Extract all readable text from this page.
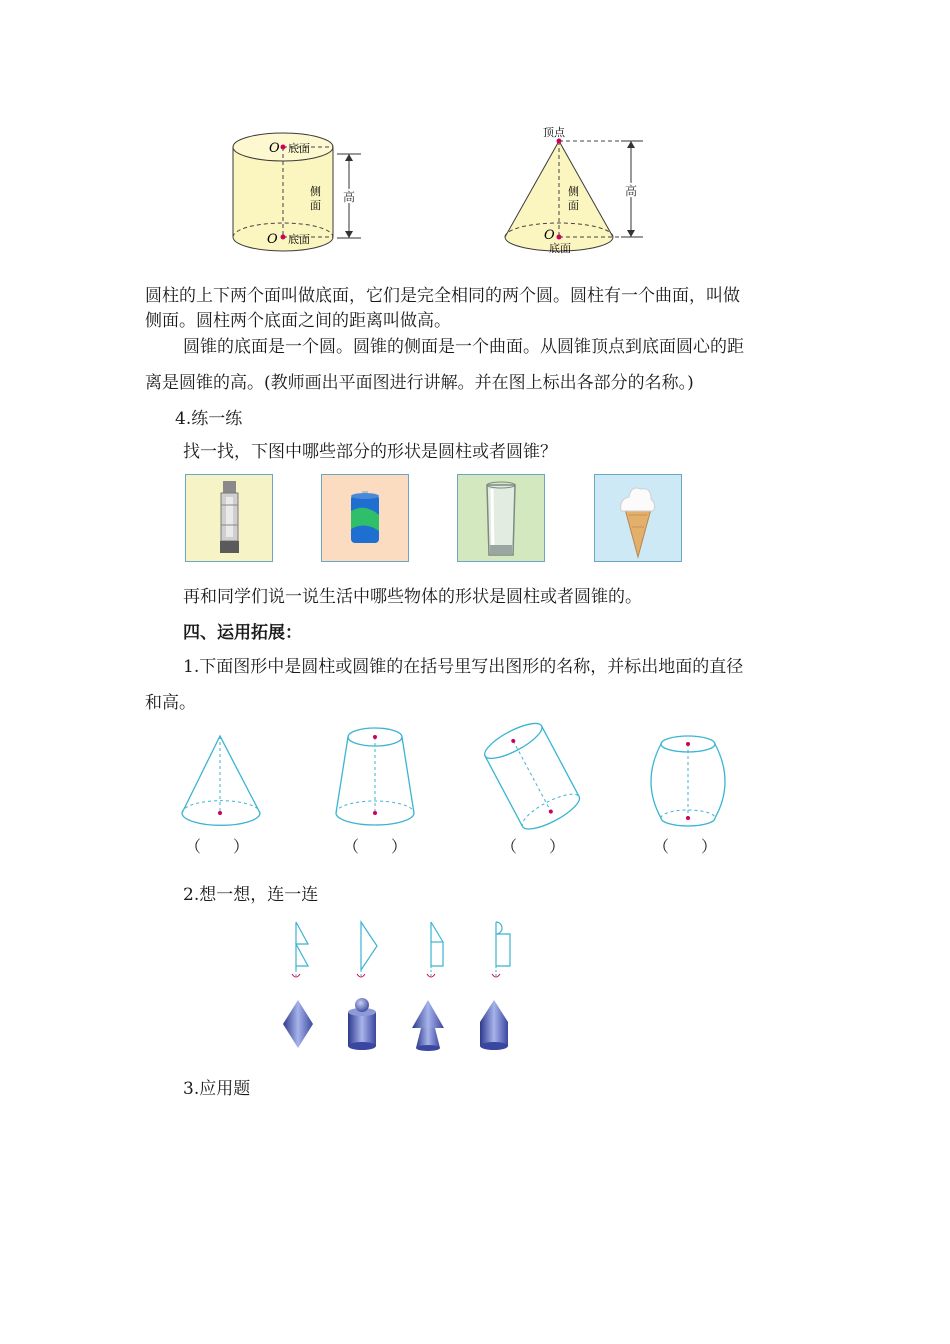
O 底面
O 底面
侧
面
高
顶点
侧
面
O
底面
高
圆柱的上下两个面叫做底面，它们是完全相同的两个圆。圆柱有一个曲面，叫做
侧面。圆柱两个底面之间的距离叫做高。
圆锥的底面是一个圆。圆锥的侧面是一个曲面。从圆锥顶点到底面圆心的距
离是圆锥的高。(教师画出平面图进行讲解。并在图上标出各部分的名称。)
4.练一练
找一找，下图中哪些部分的形状是圆柱或者圆锥？
再和同学们说一说生活中哪些物体的形状是圆柱或者圆锥的。
四、运用拓展：
1.下面图形中是圆柱或圆锥的在括号里写出图形的名称，并标出地面的直径
和高。
（　　）	（　　）	（　　）	（　　）
2.想一想，连一连
3.应用题
